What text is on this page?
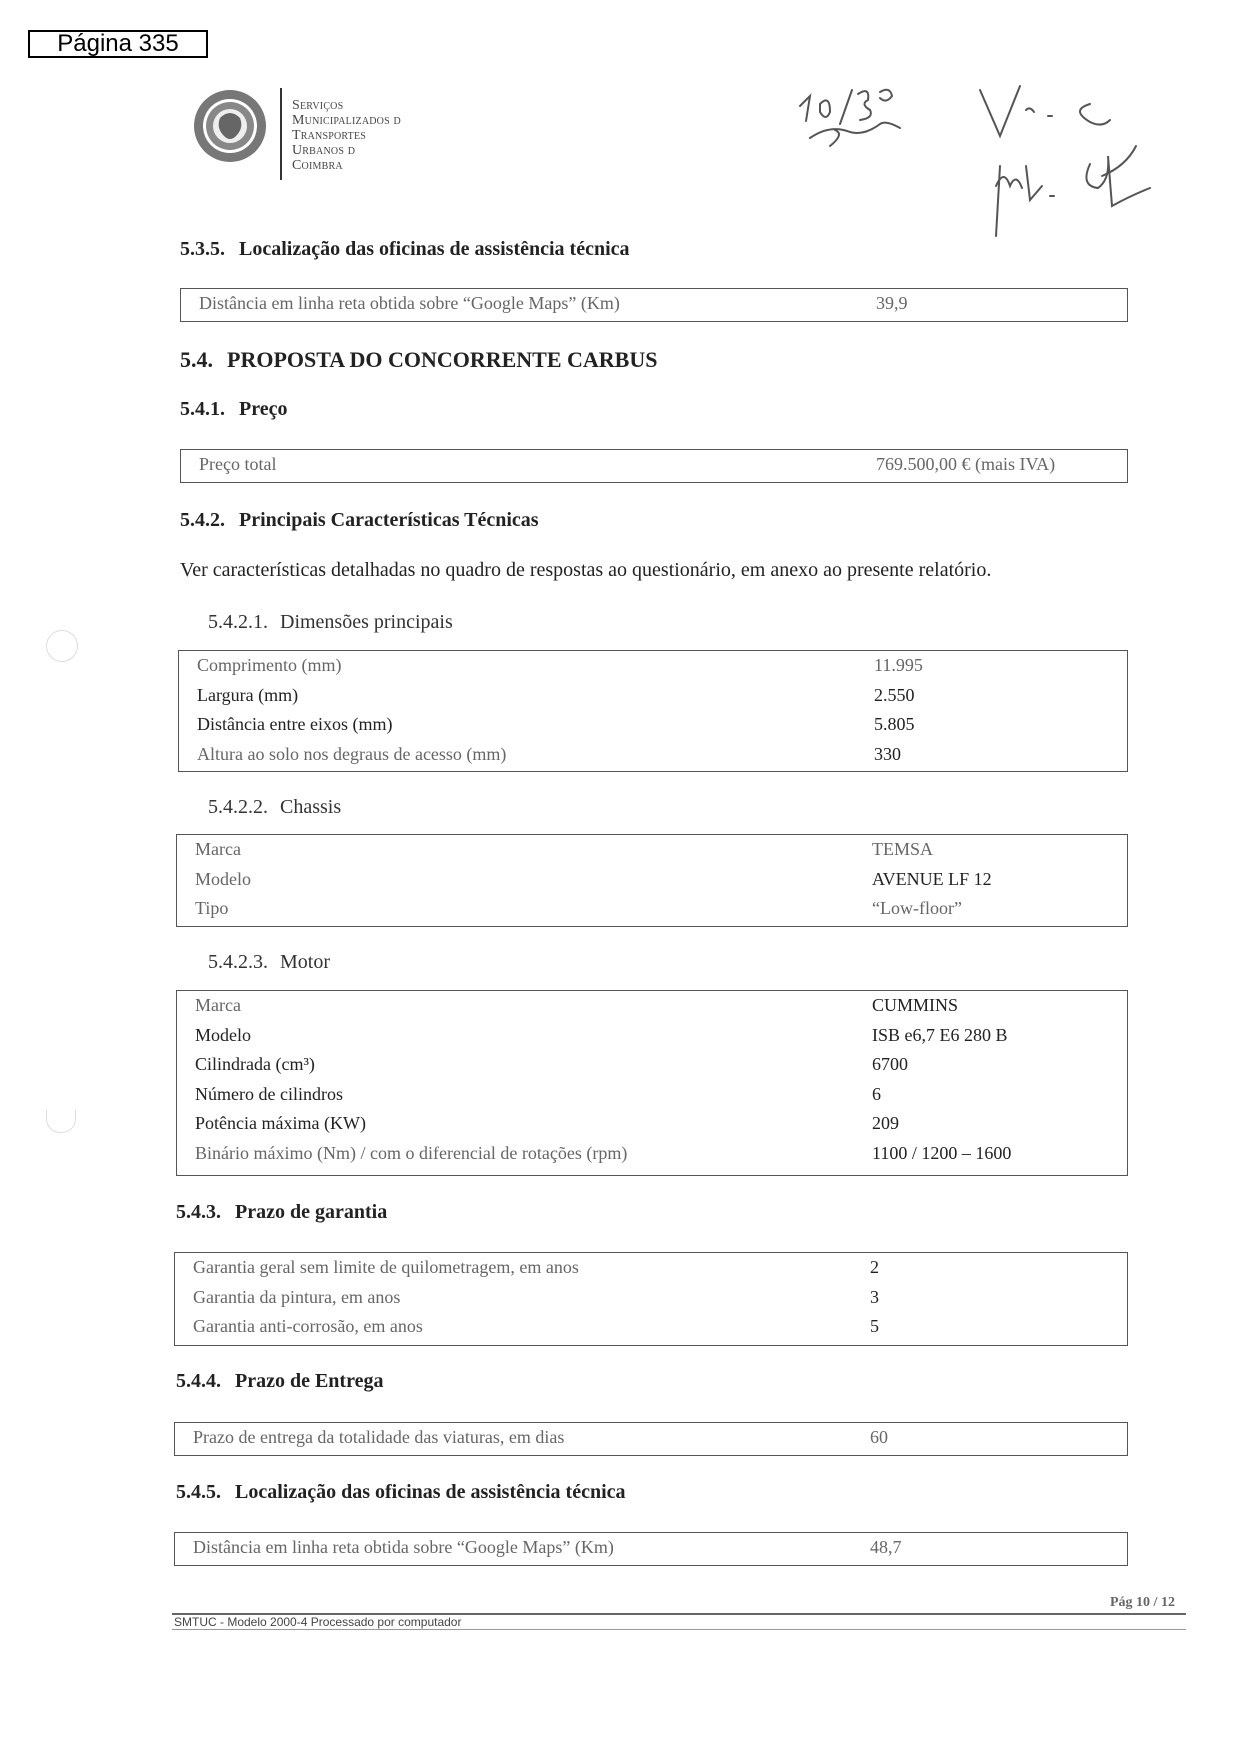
Página 335
Serviços
Municipalizados d
Transportes
Urbanos d
Coimbra
5.3.5. Localização das oficinas de assistência técnica
Distância em linha reta obtida sobre “Google Maps” (Km)	39,9
5.4. PROPOSTA DO CONCORRENTE CARBUS
5.4.1. Preço
Preço total	769.500,00 € (mais IVA)
5.4.2. Principais Características Técnicas
Ver características detalhadas no quadro de respostas ao questionário, em anexo ao presente relatório.
5.4.2.1. Dimensões principais
Comprimento (mm)	11.995
Largura (mm)	2.550
Distância entre eixos (mm)	5.805
Altura ao solo nos degraus de acesso (mm)	330
5.4.2.2. Chassis
Marca	TEMSA
Modelo	AVENUE LF 12
Tipo	“Low-floor”
5.4.2.3. Motor
Marca	CUMMINS
Modelo	ISB e6,7 E6 280 B
Cilindrada (cm³)	6700
Número de cilindros	6
Potência máxima (KW)	209
Binário máximo (Nm) / com o diferencial de rotações (rpm)	1100 / 1200 – 1600
5.4.3. Prazo de garantia
Garantia geral sem limite de quilometragem, em anos	2
Garantia da pintura, em anos	3
Garantia anti-corrosão, em anos	5
5.4.4. Prazo de Entrega
Prazo de entrega da totalidade das viaturas, em dias	60
5.4.5. Localização das oficinas de assistência técnica
Distância em linha reta obtida sobre “Google Maps” (Km)	48,7
Pág 10 / 12
SMTUC - Modelo 2000-4 Processado por computador
